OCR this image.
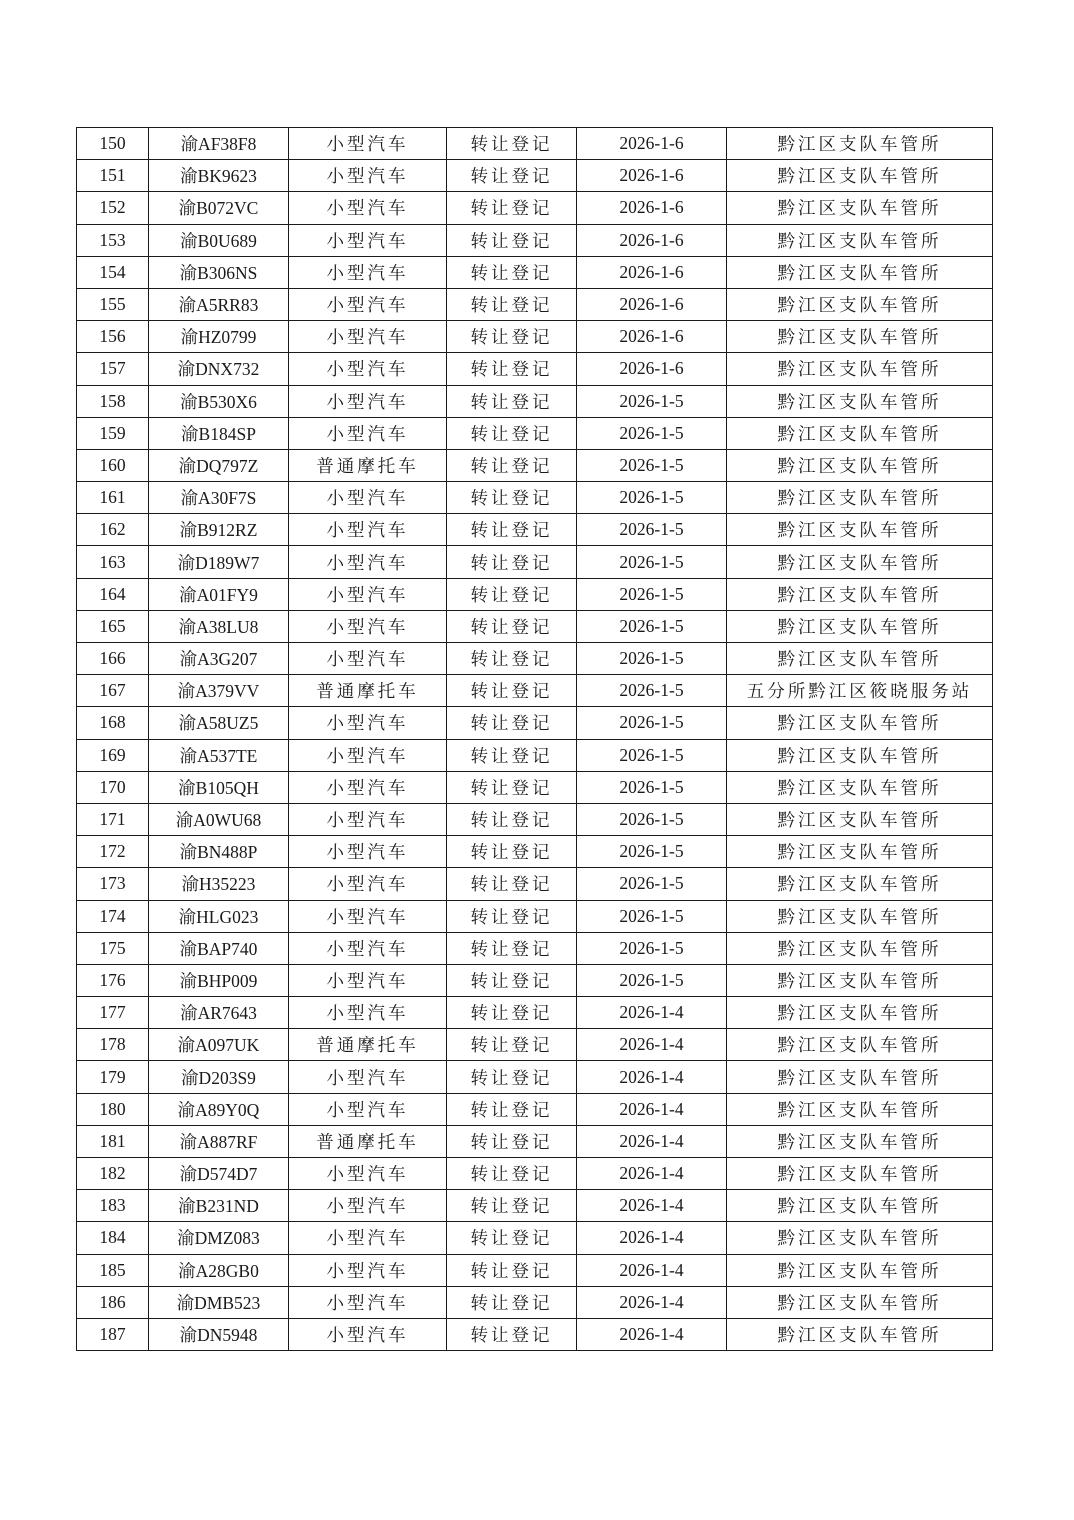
150	渝AF38F8	小型汽车	转让登记	2026-1-6	黔江区支队车管所
151	渝BK9623	小型汽车	转让登记	2026-1-6	黔江区支队车管所
152	渝B072VC	小型汽车	转让登记	2026-1-6	黔江区支队车管所
153	渝B0U689	小型汽车	转让登记	2026-1-6	黔江区支队车管所
154	渝B306NS	小型汽车	转让登记	2026-1-6	黔江区支队车管所
155	渝A5RR83	小型汽车	转让登记	2026-1-6	黔江区支队车管所
156	渝HZ0799	小型汽车	转让登记	2026-1-6	黔江区支队车管所
157	渝DNX732	小型汽车	转让登记	2026-1-6	黔江区支队车管所
158	渝B530X6	小型汽车	转让登记	2026-1-5	黔江区支队车管所
159	渝B184SP	小型汽车	转让登记	2026-1-5	黔江区支队车管所
160	渝DQ797Z	普通摩托车	转让登记	2026-1-5	黔江区支队车管所
161	渝A30F7S	小型汽车	转让登记	2026-1-5	黔江区支队车管所
162	渝B912RZ	小型汽车	转让登记	2026-1-5	黔江区支队车管所
163	渝D189W7	小型汽车	转让登记	2026-1-5	黔江区支队车管所
164	渝A01FY9	小型汽车	转让登记	2026-1-5	黔江区支队车管所
165	渝A38LU8	小型汽车	转让登记	2026-1-5	黔江区支队车管所
166	渝A3G207	小型汽车	转让登记	2026-1-5	黔江区支队车管所
167	渝A379VV	普通摩托车	转让登记	2026-1-5	五分所黔江区筱晓服务站
168	渝A58UZ5	小型汽车	转让登记	2026-1-5	黔江区支队车管所
169	渝A537TE	小型汽车	转让登记	2026-1-5	黔江区支队车管所
170	渝B105QH	小型汽车	转让登记	2026-1-5	黔江区支队车管所
171	渝A0WU68	小型汽车	转让登记	2026-1-5	黔江区支队车管所
172	渝BN488P	小型汽车	转让登记	2026-1-5	黔江区支队车管所
173	渝H35223	小型汽车	转让登记	2026-1-5	黔江区支队车管所
174	渝HLG023	小型汽车	转让登记	2026-1-5	黔江区支队车管所
175	渝BAP740	小型汽车	转让登记	2026-1-5	黔江区支队车管所
176	渝BHP009	小型汽车	转让登记	2026-1-5	黔江区支队车管所
177	渝AR7643	小型汽车	转让登记	2026-1-4	黔江区支队车管所
178	渝A097UK	普通摩托车	转让登记	2026-1-4	黔江区支队车管所
179	渝D203S9	小型汽车	转让登记	2026-1-4	黔江区支队车管所
180	渝A89Y0Q	小型汽车	转让登记	2026-1-4	黔江区支队车管所
181	渝A887RF	普通摩托车	转让登记	2026-1-4	黔江区支队车管所
182	渝D574D7	小型汽车	转让登记	2026-1-4	黔江区支队车管所
183	渝B231ND	小型汽车	转让登记	2026-1-4	黔江区支队车管所
184	渝DMZ083	小型汽车	转让登记	2026-1-4	黔江区支队车管所
185	渝A28GB0	小型汽车	转让登记	2026-1-4	黔江区支队车管所
186	渝DMB523	小型汽车	转让登记	2026-1-4	黔江区支队车管所
187	渝DN5948	小型汽车	转让登记	2026-1-4	黔江区支队车管所
